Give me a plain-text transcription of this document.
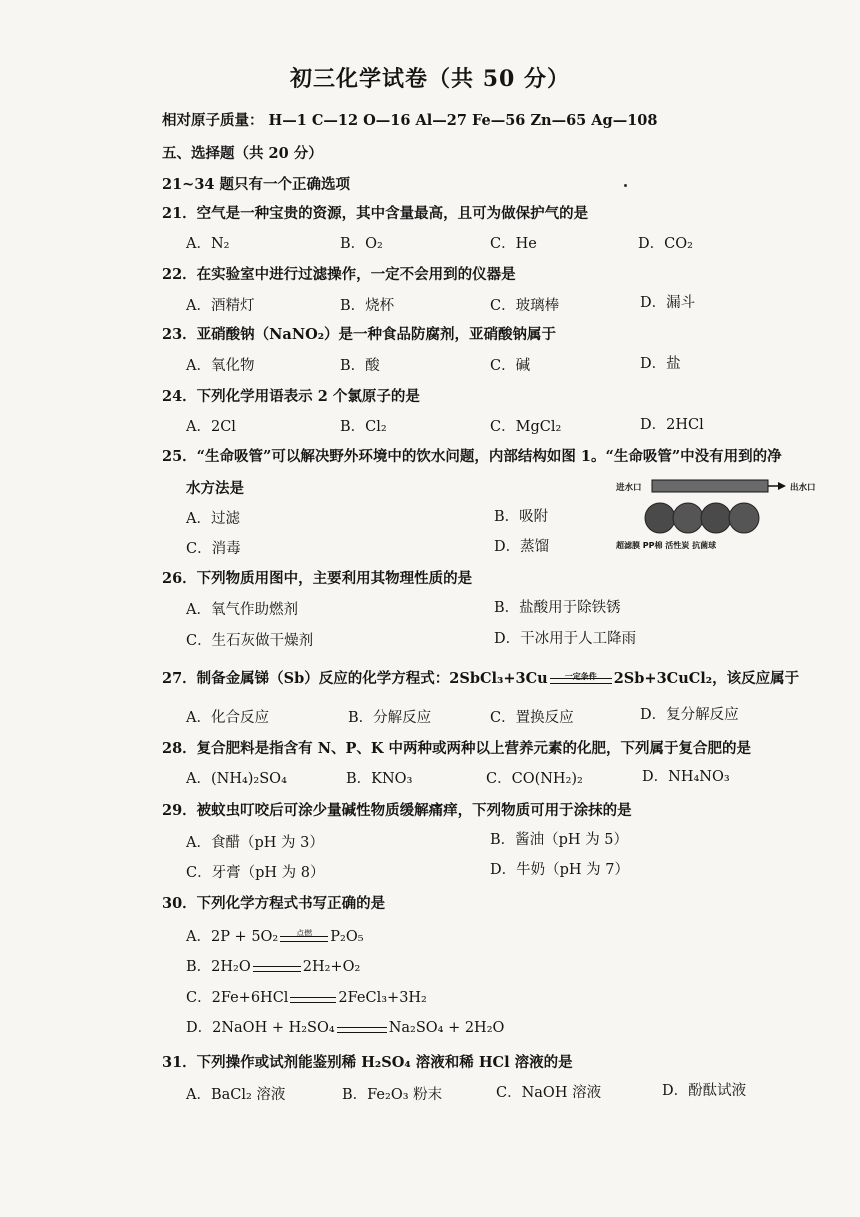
初三化学试卷（共 50 分）
相对原子质量： H—1 C—12 O—16 Al—27 Fe—56 Zn—65 Ag—108
五、选择题（共 20 分）
21~34 题只有一个正确选项
21．空气是一种宝贵的资源，其中含量最高，且可为做保护气的是
A．N₂	B．O₂	C．He	D．CO₂
22．在实验室中进行过滤操作，一定不会用到的仪器是
A．酒精灯	B．烧杯	C．玻璃棒	D．漏斗
23．亚硝酸钠（NaNO₂）是一种食品防腐剂，亚硝酸钠属于
A．氧化物	B．酸	C．碱	D．盐
24．下列化学用语表示 2 个氯原子的是
A．2Cl	B．Cl₂	C．MgCl₂	D．2HCl
25．“生命吸管”可以解决野外环境中的饮水问题，内部结构如图 1。“生命吸管”中没有用到的净
水方法是
A．过滤	B．吸附
C．消毒	D．蒸馏
进水口	出水口
超滤膜 PP棉 活性炭 抗菌球
26．下列物质用图中，主要利用其物理性质的是
A．氧气作助燃剂	B．盐酸用于除铁锈
C．生石灰做干燥剂	D．干冰用于人工降雨
27．制备金属锑（Sb）反应的化学方程式：2SbCl₃+3Cu	一定条件	2Sb+3CuCl₂，该反应属于
A．化合反应	B．分解反应	C．置换反应	D．复分解反应
28．复合肥料是指含有 N、P、K 中两种或两种以上营养元素的化肥，下列属于复合肥的是
A．(NH₄)₂SO₄	B．KNO₃	C．CO(NH₂)₂	D．NH₄NO₃
29．被蚊虫叮咬后可涂少量碱性物质缓解痛痒，下列物质可用于涂抹的是
A．食醋（pH 为 3）	B．酱油（pH 为 5）
C．牙膏（pH 为 8）	D．牛奶（pH 为 7）
30．下列化学方程式书写正确的是
A．2P + 5O₂	点燃	P₂O₅
B．2H₂O	2H₂+O₂
C．2Fe+6HCl	2FeCl₃+3H₂
D．2NaOH + H₂SO₄	Na₂SO₄ + 2H₂O
31．下列操作或试剂能鉴别稀 H₂SO₄ 溶液和稀 HCl 溶液的是
A．BaCl₂ 溶液	B．Fe₂O₃ 粉末	C．NaOH 溶液	D．酚酞试液
